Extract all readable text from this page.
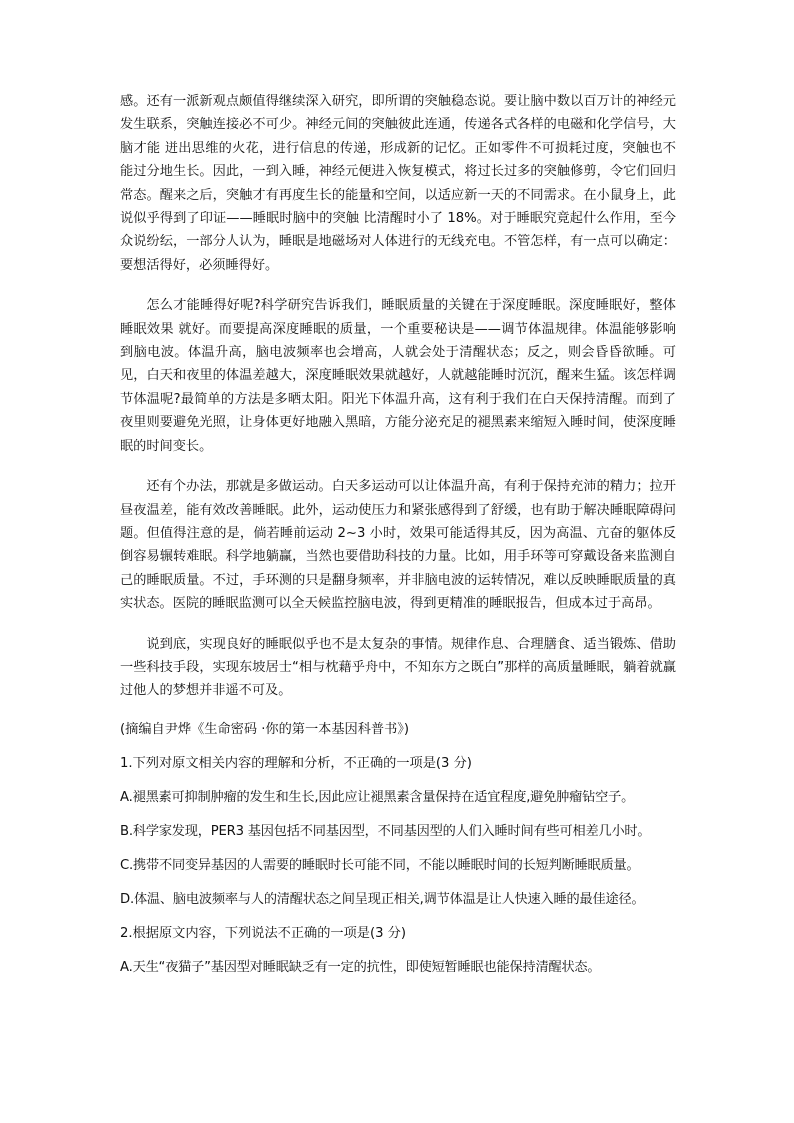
感。还有一派新观点颇值得继续深入研究，即所谓的突触稳态说。要让脑中数以百万计的神经元发生联系，突触连接必不可少。神经元间的突触彼此连通，传递各式各样的电磁和化学信号，大脑才能 迸出思维的火花，进行信息的传递，形成新的记忆。正如零件不可损耗过度，突触也不能过分地生长。因此，一到入睡，神经元便进入恢复模式，将过长过多的突触修剪，令它们回归常态。醒来之后，突触才有再度生长的能量和空间，以适应新一天的不同需求。在小鼠身上，此说似乎得到了印证——睡眠时脑中的突触 比清醒时小了 18%。对于睡眠究竟起什么作用，至今众说纷纭，一部分人认为，睡眠是地磁场对人体进行的无线充电。不管怎样，有一点可以确定：要想活得好，必须睡得好。

怎么才能睡得好呢?科学研究告诉我们，睡眠质量的关键在于深度睡眠。深度睡眠好，整体睡眠效果 就好。而要提高深度睡眠的质量，一个重要秘诀是——调节体温规律。体温能够影响到脑电波。体温升高，脑电波频率也会增高，人就会处于清醒状态；反之，则会昏昏欲睡。可见，白天和夜里的体温差越大，深度睡眠效果就越好，人就越能睡时沉沉，醒来生猛。该怎样调节体温呢?最简单的方法是多晒太阳。阳光下体温升高，这有利于我们在白天保持清醒。而到了夜里则要避免光照，让身体更好地融入黑暗，方能分泌充足的褪黑素来缩短入睡时间，使深度睡眠的时间变长。

还有个办法，那就是多做运动。白天多运动可以让体温升高，有利于保持充沛的精力；拉开昼夜温差，能有效改善睡眠。此外，运动使压力和紧张感得到了舒缓，也有助于解决睡眠障碍问题。但值得注意的是，倘若睡前运动 2~3 小时，效果可能适得其反，因为高温、亢奋的躯体反倒容易辗转难眠。科学地躺赢，当然也要借助科技的力量。比如，用手环等可穿戴设备来监测自己的睡眠质量。不过，手环测的只是翻身频率，并非脑电波的运转情况，难以反映睡眠质量的真实状态。医院的睡眠监测可以全天候监控脑电波，得到更精准的睡眠报告，但成本过于高昂。

说到底，实现良好的睡眠似乎也不是太复杂的事情。规律作息、合理膳食、适当锻炼、借助一些科技手段，实现东坡居士“相与枕藉乎舟中，不知东方之既白”那样的高质量睡眠，躺着就赢过他人的梦想并非遥不可及。

(摘编自尹烨《生命密码 ·你的第一本基因科普书》)
1.下列对原文相关内容的理解和分析，不正确的一项是(3 分)
A.褪黑素可抑制肿瘤的发生和生长,因此应让褪黑素含量保持在适宜程度,避免肿瘤钻空子。
B.科学家发现，PER3 基因包括不同基因型，不同基因型的人们入睡时间有些可相差几小时。
C.携带不同变异基因的人需要的睡眠时长可能不同，不能以睡眠时间的长短判断睡眠质量。
D.体温、脑电波频率与人的清醒状态之间呈现正相关,调节体温是让人快速入睡的最佳途径。
2.根据原文内容，下列说法不正确的一项是(3 分)
A.天生“夜猫子”基因型对睡眠缺乏有一定的抗性，即使短暂睡眠也能保持清醒状态。
